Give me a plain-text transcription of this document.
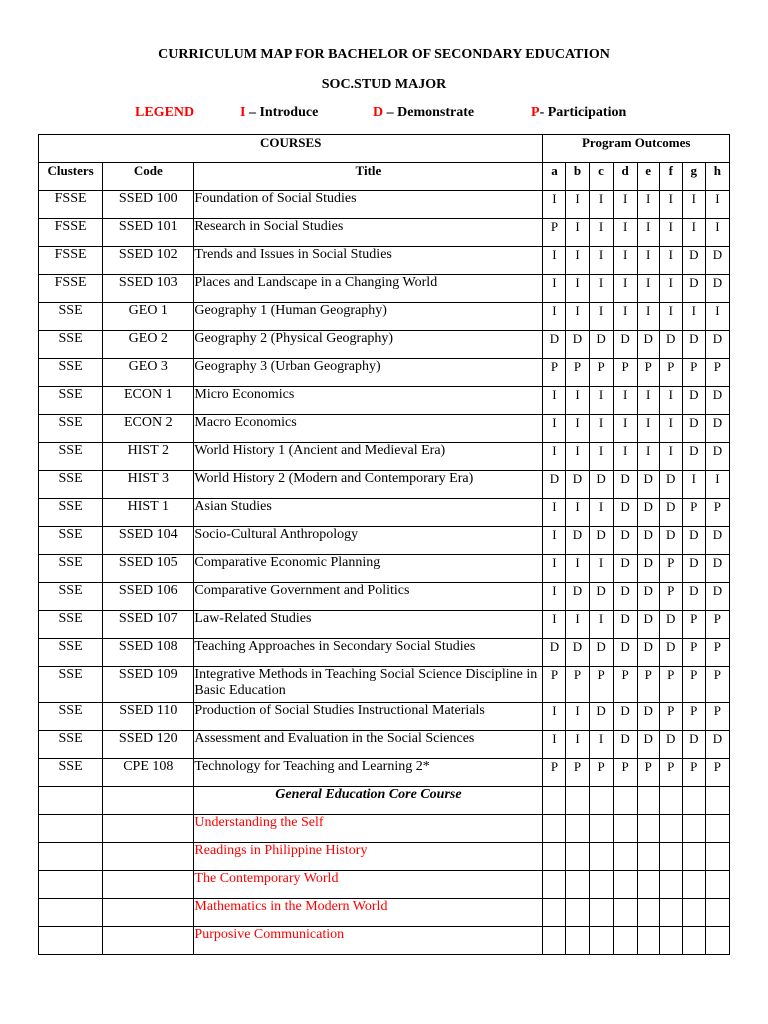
CURRICULUM MAP FOR BACHELOR OF SECONDARY EDUCATION
SOC.STUD MAJOR
LEGEND	I – Introduce	D – Demonstrate	P- Participation
COURSES			Program Outcomes							
Clusters	Code	Title	a	b	c	d	e	f	g	h
FSSE	SSED 100	Foundation of Social Studies	I	I	I	I	I	I	I	I
FSSE	SSED 101	Research in Social Studies	P	I	I	I	I	I	I	I
FSSE	SSED 102	Trends and Issues in Social Studies	I	I	I	I	I	I	D	D
FSSE	SSED 103	Places and Landscape in a Changing World	I	I	I	I	I	I	D	D
SSE	GEO 1	Geography 1 (Human Geography)	I	I	I	I	I	I	I	I
SSE	GEO 2	Geography 2 (Physical Geography)	D	D	D	D	D	D	D	D
SSE	GEO 3	Geography 3 (Urban Geography)	P	P	P	P	P	P	P	P
SSE	ECON 1	Micro Economics	I	I	I	I	I	I	D	D
SSE	ECON 2	Macro Economics	I	I	I	I	I	I	D	D
SSE	HIST 2	World History 1 (Ancient and Medieval Era)	I	I	I	I	I	I	D	D
SSE	HIST 3	World History 2 (Modern and Contemporary Era)	D	D	D	D	D	D	I	I
SSE	HIST 1	Asian Studies	I	I	I	D	D	D	P	P
SSE	SSED 104	Socio-Cultural Anthropology	I	D	D	D	D	D	D	D
SSE	SSED 105	Comparative Economic Planning	I	I	I	D	D	P	D	D
SSE	SSED 106	Comparative Government and Politics	I	D	D	D	D	P	D	D
SSE	SSED 107	Law-Related Studies	I	I	I	D	D	D	P	P
SSE	SSED 108	Teaching Approaches in Secondary Social Studies	D	D	D	D	D	D	P	P
SSE	SSED 109	Integrative Methods in Teaching Social Science Discipline in Basic Education	P	P	P	P	P	P	P	P
SSE	SSED 110	Production of Social Studies Instructional Materials	I	I	D	D	D	P	P	P
SSE	SSED 120	Assessment and Evaluation in the Social Sciences	I	I	I	D	D	D	D	D
SSE	CPE 108	Technology for Teaching and Learning 2*	P	P	P	P	P	P	P	P
		General Education Core Course								
		Understanding the Self								
		Readings in Philippine History								
		The Contemporary World								
		Mathematics in the Modern World								
		Purposive Communication								
